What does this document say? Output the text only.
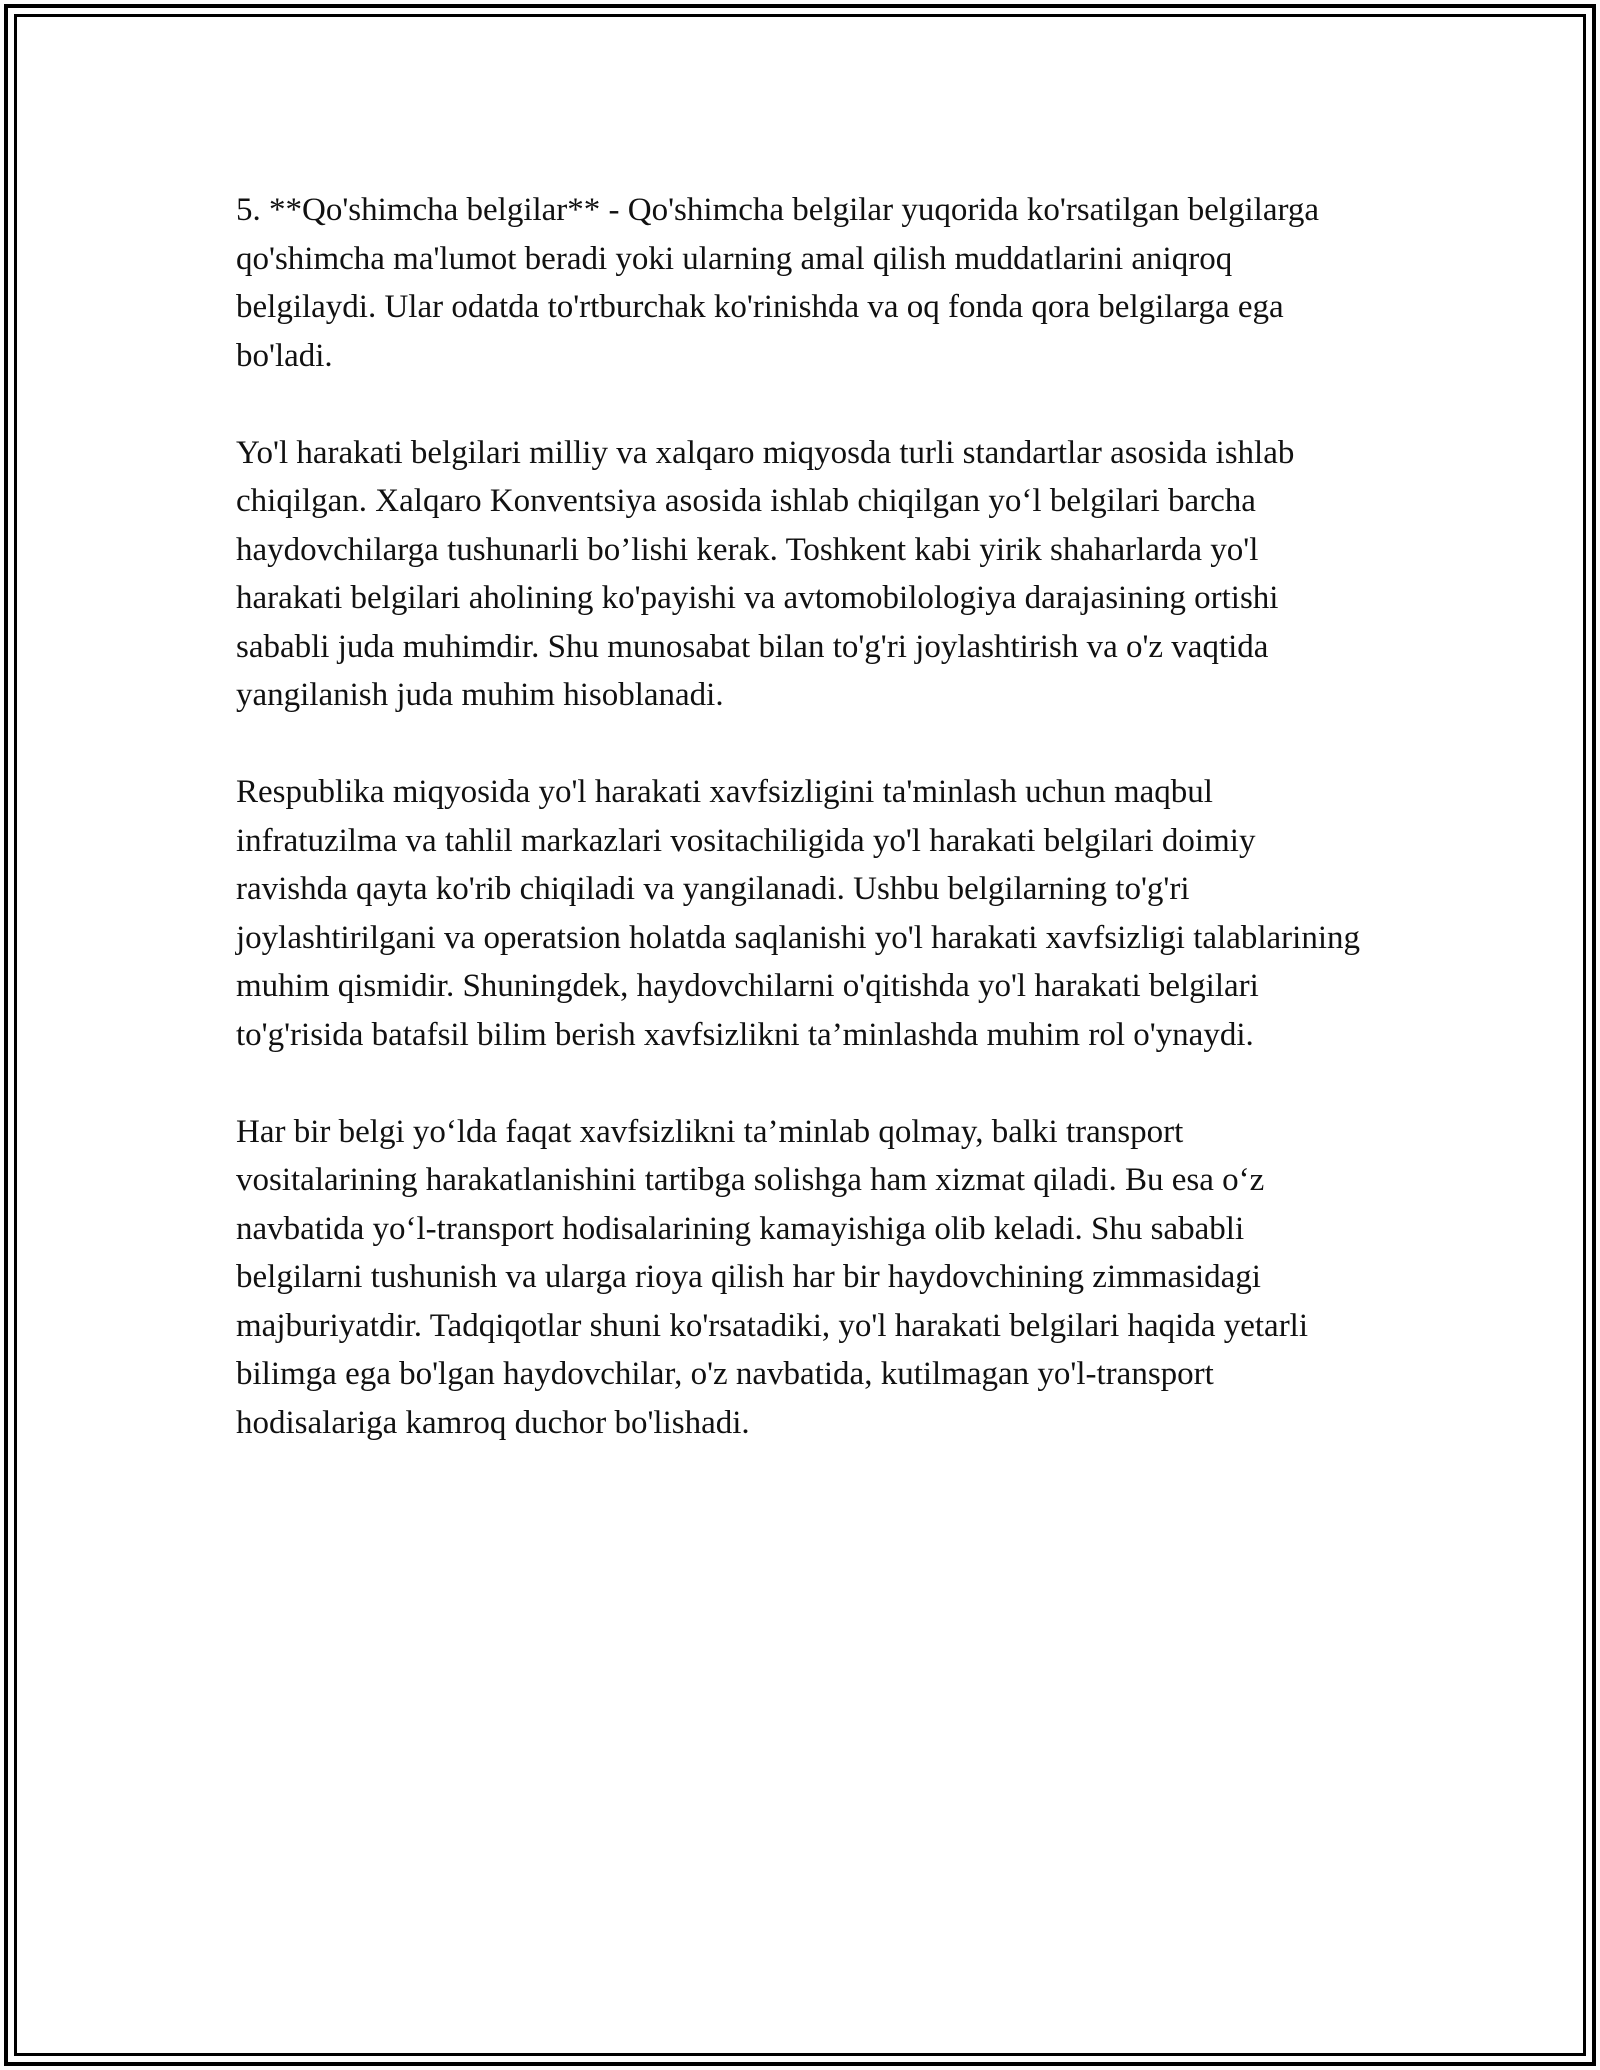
5. **Qo'shimcha belgilar** - Qo'shimcha belgilar yuqorida ko'rsatilgan belgilarga qo'shimcha ma'lumot beradi yoki ularning amal qilish muddatlarini aniqroq belgilaydi. Ular odatda to'rtburchak ko'rinishda va oq fonda qora belgilarga ega bo'ladi.

Yo'l harakati belgilari milliy va xalqaro miqyosda turli standartlar asosida ishlab chiqilgan. Xalqaro Konventsiya asosida ishlab chiqilgan yo‘l belgilari barcha haydovchilarga tushunarli bo’lishi kerak. Toshkent kabi yirik shaharlarda yo'l harakati belgilari aholining ko'payishi va avtomobilologiya darajasining ortishi sababli juda muhimdir. Shu munosabat bilan to'g'ri joylashtirish va o'z vaqtida yangilanish juda muhim hisoblanadi.

Respublika miqyosida yo'l harakati xavfsizligini ta'minlash uchun maqbul infratuzilma va tahlil markazlari vositachiligida yo'l harakati belgilari doimiy ravishda qayta ko'rib chiqiladi va yangilanadi. Ushbu belgilarning to'g'ri joylashtirilgani va operatsion holatda saqlanishi yo'l harakati xavfsizligi talablarining muhim qismidir. Shuningdek, haydovchilarni o'qitishda yo'l harakati belgilari to'g'risida batafsil bilim berish xavfsizlikni ta’minlashda muhim rol o'ynaydi.

Har bir belgi yo‘lda faqat xavfsizlikni ta’minlab qolmay, balki transport vositalarining harakatlanishini tartibga solishga ham xizmat qiladi. Bu esa o‘z navbatida yo‘l-transport hodisalarining kamayishiga olib keladi. Shu sababli belgilarni tushunish va ularga rioya qilish har bir haydovchining zimmasidagi majburiyatdir. Tadqiqotlar shuni ko'rsatadiki, yo'l harakati belgilari haqida yetarli bilimga ega bo'lgan haydovchilar, o'z navbatida, kutilmagan yo'l-transport hodisalariga kamroq duchor bo'lishadi.
